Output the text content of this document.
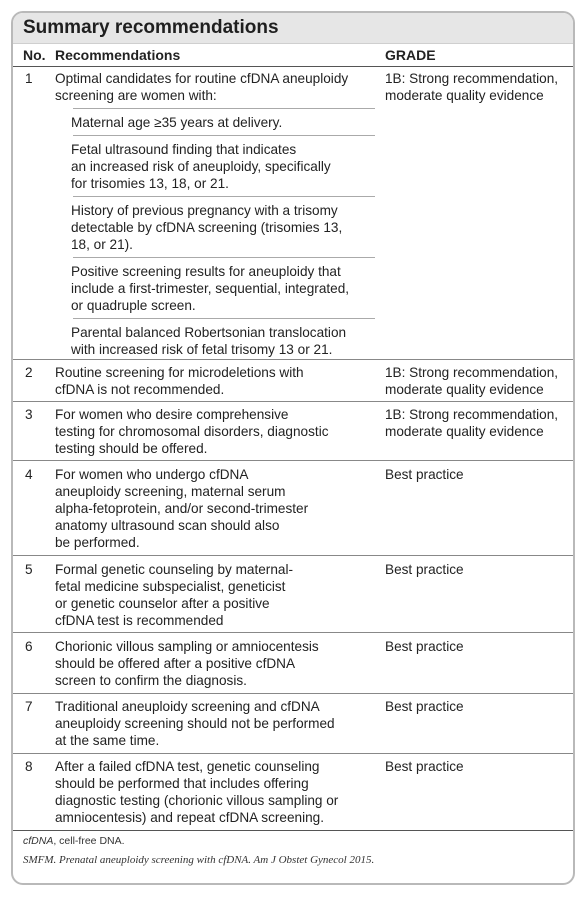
Summary recommendations
No. Recommendations	GRADE
1 Optimal candidates for routine cfDNA aneuploidy
screening are women with:
1B: Strong recommendation,
moderate quality evidence
Maternal age ≥35 years at delivery.
Fetal ultrasound finding that indicates
an increased risk of aneuploidy, specifically
for trisomies 13, 18, or 21.
History of previous pregnancy with a trisomy
detectable by cfDNA screening (trisomies 13,
18, or 21).
Positive screening results for aneuploidy that
include a first-trimester, sequential, integrated,
or quadruple screen.
Parental balanced Robertsonian translocation
with increased risk of fetal trisomy 13 or 21.
2 Routine screening for microdeletions with
cfDNA is not recommended.
1B: Strong recommendation,
moderate quality evidence
3 For women who desire comprehensive
testing for chromosomal disorders, diagnostic
testing should be offered.
1B: Strong recommendation,
moderate quality evidence
4 For women who undergo cfDNA
aneuploidy screening, maternal serum
alpha-fetoprotein, and/or second-trimester
anatomy ultrasound scan should also
be performed.
Best practice
5 Formal genetic counseling by maternal-
fetal medicine subspecialist, geneticist
or genetic counselor after a positive
cfDNA test is recommended
Best practice
6 Chorionic villous sampling or amniocentesis
should be offered after a positive cfDNA
screen to confirm the diagnosis.
Best practice
7 Traditional aneuploidy screening and cfDNA
aneuploidy screening should not be performed
at the same time.
Best practice
8 After a failed cfDNA test, genetic counseling
should be performed that includes offering
diagnostic testing (chorionic villous sampling or
amniocentesis) and repeat cfDNA screening.
Best practice
cfDNA, cell-free DNA.
SMFM. Prenatal aneuploidy screening with cfDNA. Am J Obstet Gynecol 2015.
